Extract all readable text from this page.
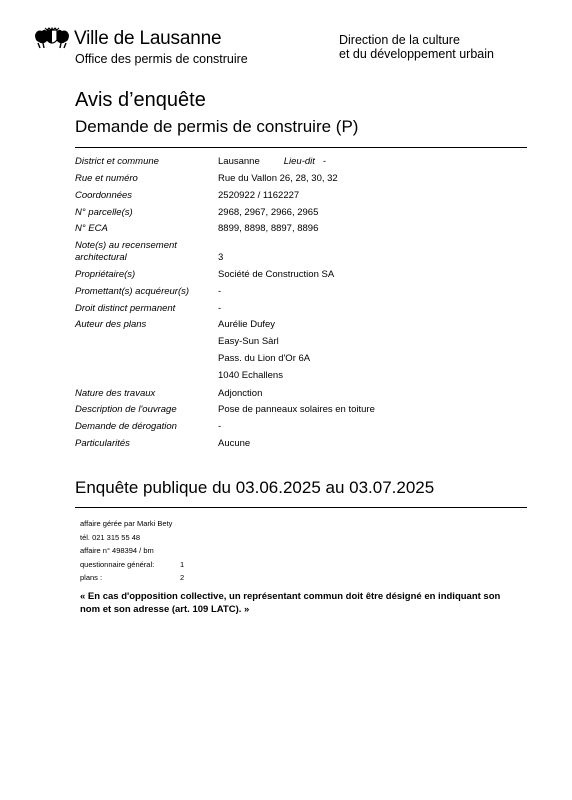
Ville de Lausanne
Office des permis de construire
Direction de la culture
et du développement urbain
Avis d’enquête
Demande de permis de construire (P)
District et commune	Lausanne	Lieu-dit -
Rue et numéro	Rue du Vallon 26, 28, 30, 32
Coordonnées	2520922 / 1162227
N° parcelle(s)	2968, 2967, 2966, 2965
N° ECA	8899, 8898, 8897, 8896
Note(s) au recensement
architectural	3
Propriétaire(s)	Société de Construction SA
Promettant(s) acquéreur(s)	-
Droit distinct permanent	-
Auteur des plans	Aurélie Dufey
Easy-Sun Sàrl
Pass. du Lion d'Or 6A
1040 Echallens
Nature des travaux	Adjonction
Description de l'ouvrage	Pose de panneaux solaires en toiture
Demande de dérogation	-
Particularités	Aucune
Enquête publique du 03.06.2025 au 03.07.2025
affaire gérée par Marki Bety
tél. 021 315 55 48
affaire n° 498394 / bm
questionnaire général:	1
plans :	2
« En cas d'opposition collective, un représentant commun doit être désigné en indiquant son nom et son adresse (art. 109 LATC). »
